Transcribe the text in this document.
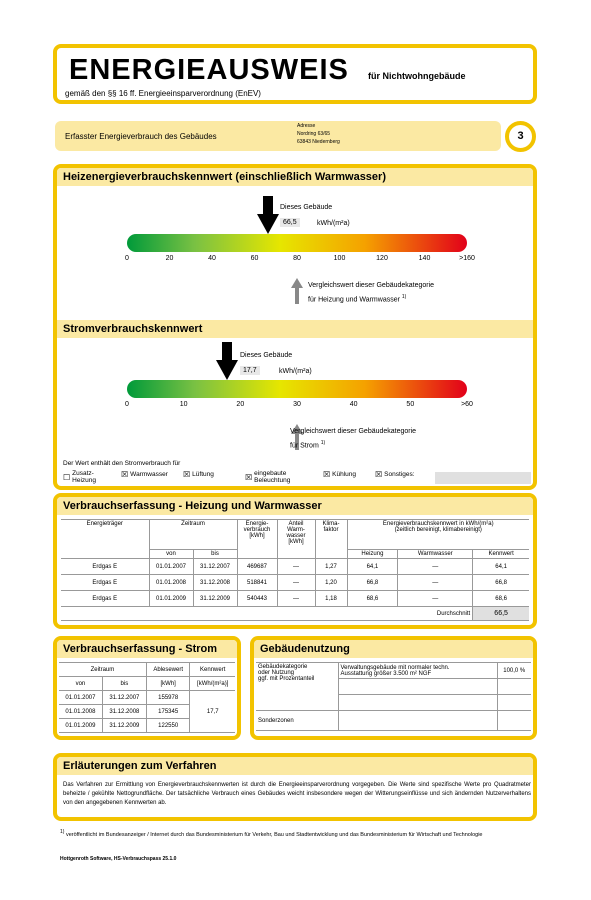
ENERGIEAUSWEIS für Nichtwohngebäude
gemäß den §§ 16 ff. Energieeinsparverordnung (EnEV)
Erfasster Energieverbrauch des Gebäudes
Adresse
Nordring 63/65
63843 Niedernberg	3
Heizenergieverbrauchskennwert (einschließlich Warmwasser)
Dieses Gebäude
66,5	kWh/(m²a)
0	20	40	60	80	100	120	140	>160
Vergleichswert dieser Gebäudekategorie
für Heizung und Warmwasser $^{1)}$
Stromverbrauchskennwert
Dieses Gebäude
17,7	kWh/(m²a)
0	10	20	30	40	50	>60
Vergleichswert dieser Gebäudekategorie
für Strom $^{1)}$
Der Wert enthält den Stromverbrauch für
☐ Zusatz-
Heizung
☒ Warmwasser ☒ Lüftung	☒ eingebaute
Beleuchtung
☒ Kühlung ☒ Sonstiges:
Verbrauchserfassung - Heizung und Warmwasser
Energieträger	Zeitraum		Energie-
verbrauch
[kWh]	Anteil
Warm-
wasser
[kWh]	Klima-
faktor	Energieverbrauchskennwert in kWh/(m²a)
(zeitlich bereinigt, klimabereinigt)		
	von	bis				Heizung	Warmwasser	Kennwert
Erdgas E	01.01.2007	31.12.2007	469687	—	1,27	64,1	—	64,1
Erdgas E	01.01.2008	31.12.2008	518841	—	1,20	66,8	—	66,8
Erdgas E	01.01.2009	31.12.2009	540443	—	1,18	68,6	—	68,6
Durchschnitt								66,5
Verbrauchserfassung - Strom
Zeitraum		Ablesewert	Kennwert
von	bis	[kWh]	[kWh/(m²a)]
01.01.2007	31.12.2007	155978	17,7
01.01.2008	31.12.2008	175345	
01.01.2009	31.12.2009	122550	
Gebäudenutzung
Gebäudekategorie
oder Nutzung
ggf. mit Prozentanteil	Verwaltungsgebäude mit normaler techn.
Ausstattung größer 3.500 m² NGF	100,0 %

Sonderzonen		
Erläuterungen zum Verfahren
Das Verfahren zur Ermittlung von Energieverbrauchskennwerten ist durch die Energieeinsparverordnung vorgegeben. Die Werte sind spezifische Werte pro Quadratmeter beheizte / gekühlte Nettogrundfläche. Der tatsächliche Verbrauch eines Gebäudes weicht insbesondere wegen der Witterungseinflüsse und sich ändernden Nutzerverhaltens von den angegebenen Kennwerten ab.
$^{1)}$ veröffentlicht im Bundesanzeiger / Internet durch das Bundesministerium für Verkehr, Bau und Stadtentwicklung und das Bundesministerium für Wirtschaft und Technologie
Hottgenroth Software, HS-Verbrauchspass 25.1.0
